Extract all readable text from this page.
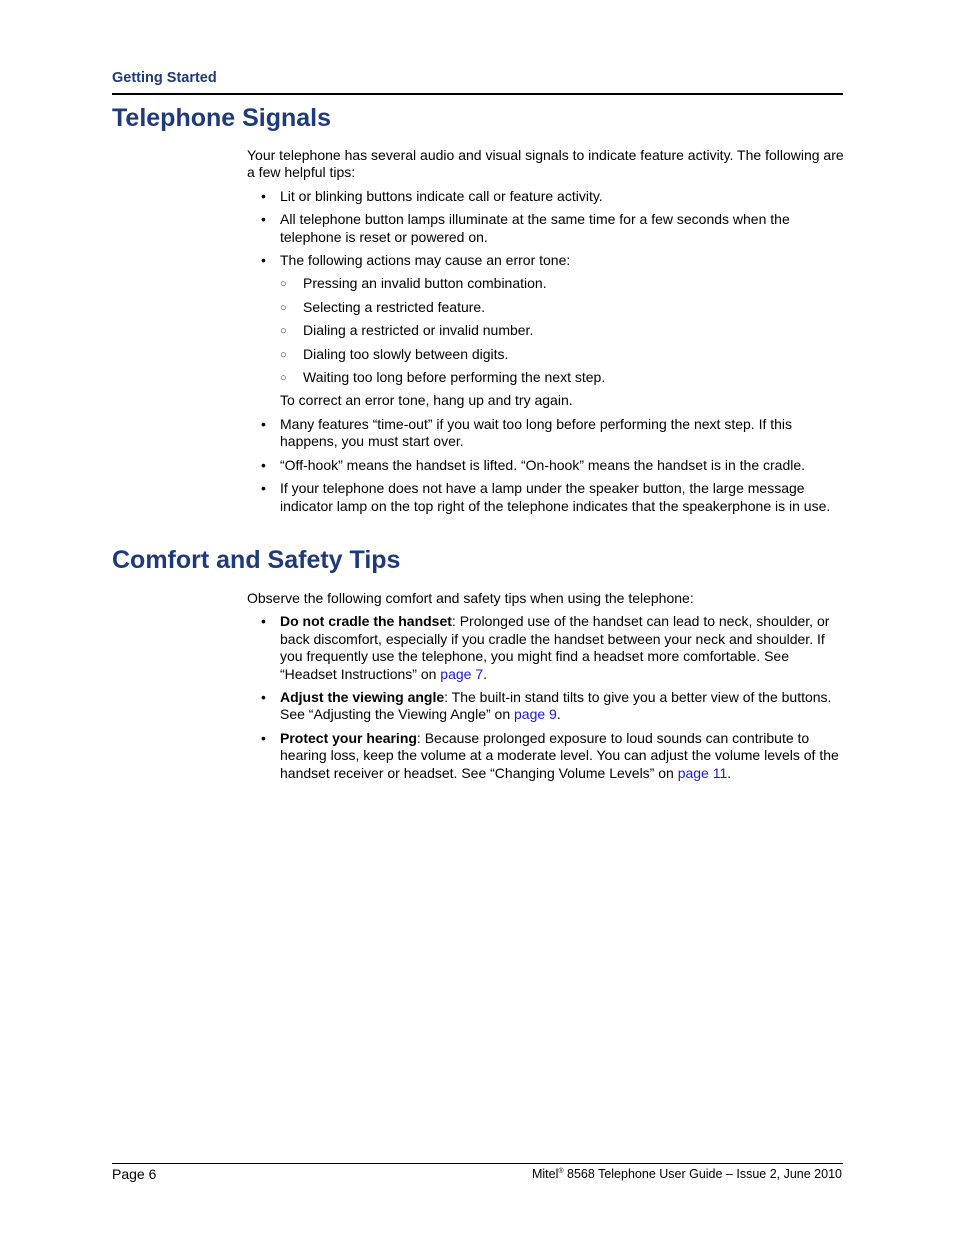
Getting Started
Telephone Signals

Your telephone has several audio and visual signals to indicate feature activity. The following are a few helpful tips:

• Lit or blinking buttons indicate call or feature activity.
• All telephone button lamps illuminate at the same time for a few seconds when the telephone is reset or powered on.
• The following actions may cause an error tone:
○ Pressing an invalid button combination.
○ Selecting a restricted feature.
○ Dialing a restricted or invalid number.
○ Dialing too slowly between digits.
○ Waiting too long before performing the next step.

To correct an error tone, hang up and try again.

• Many features “time-out” if you wait too long before performing the next step. If this happens, you must start over.
• “Off-hook” means the handset is lifted. “On-hook” means the handset is in the cradle.
• If your telephone does not have a lamp under the speaker button, the large message indicator lamp on the top right of the telephone indicates that the speakerphone is in use.
Comfort and Safety Tips

Observe the following comfort and safety tips when using the telephone:

• Do not cradle the handset: Prolonged use of the handset can lead to neck, shoulder, or back discomfort, especially if you cradle the handset between your neck and shoulder. If you frequently use the telephone, you might find a headset more comfortable. See “Headset Instructions” on page 7.
• Adjust the viewing angle: The built-in stand tilts to give you a better view of the buttons. See “Adjusting the Viewing Angle” on page 9.
• Protect your hearing: Because prolonged exposure to loud sounds can contribute to hearing loss, keep the volume at a moderate level. You can adjust the volume levels of the handset receiver or headset. See “Changing Volume Levels” on page 11.
Page 6	Mitel® 8568 Telephone User Guide – Issue 2, June 2010
